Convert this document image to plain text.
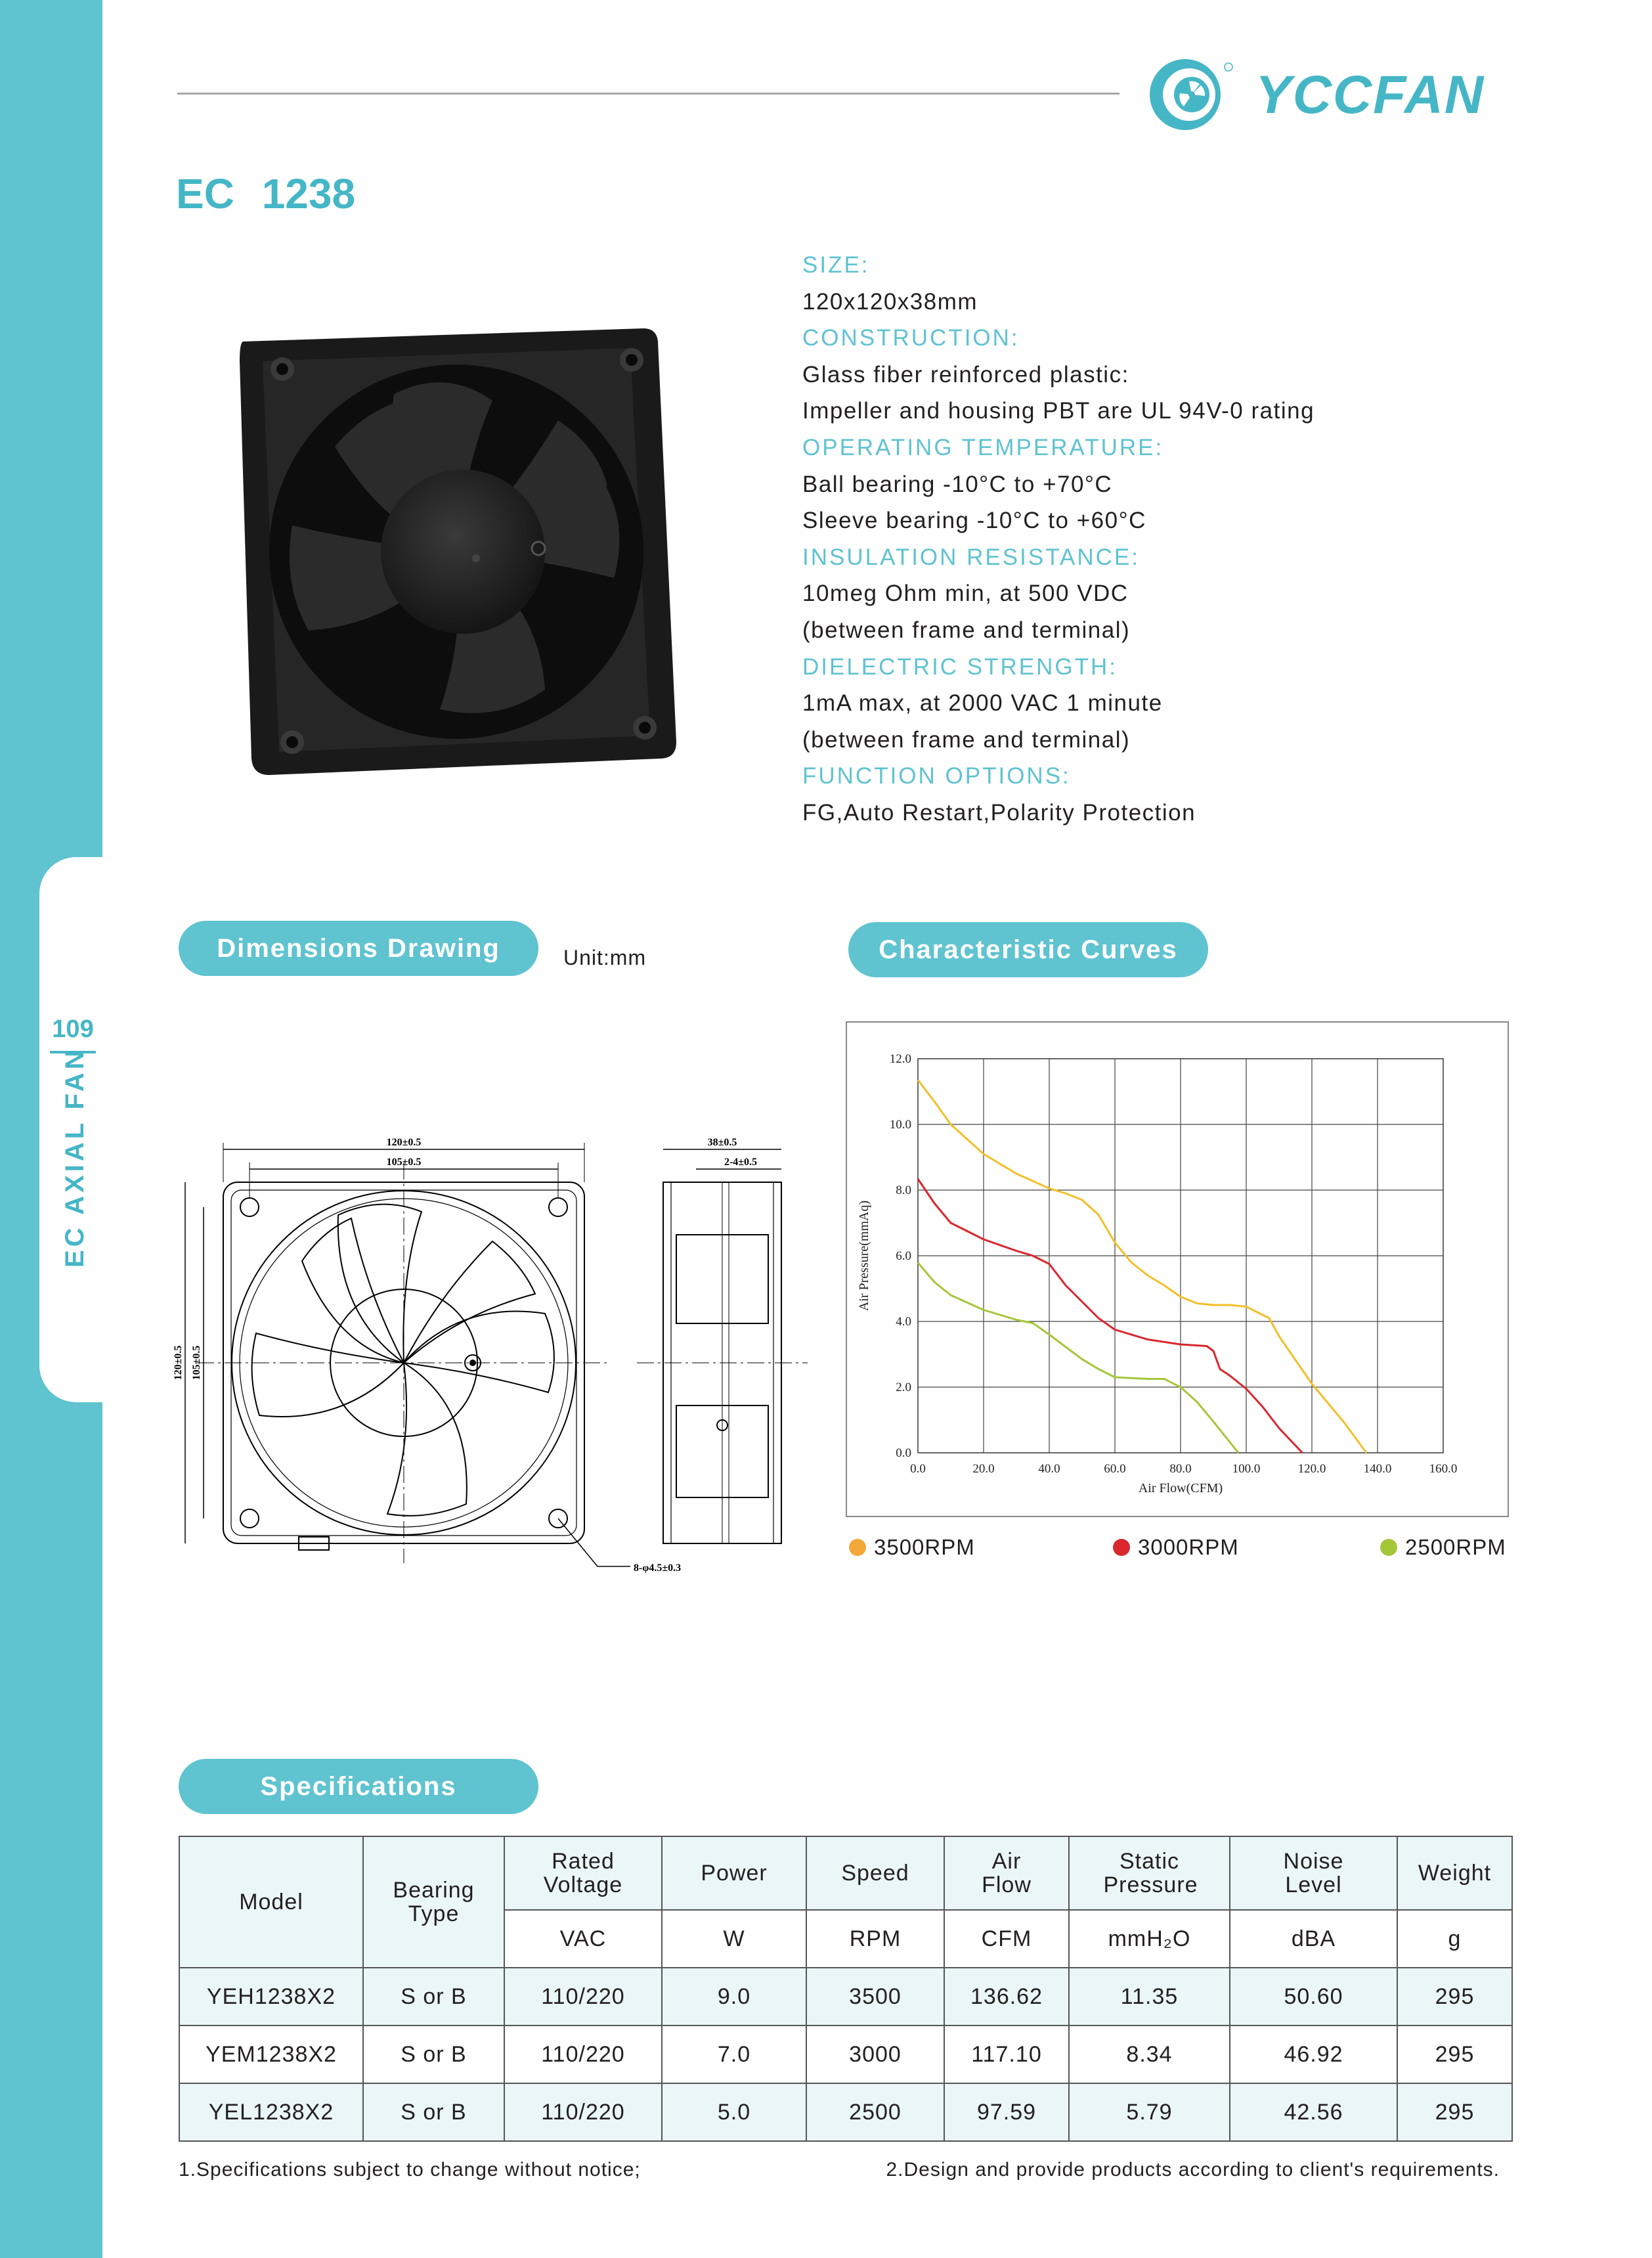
109
EC AXIAL FAN
YCCFAN
EC 1238
SIZE:
120x120x38mm
CONSTRUCTION:
Glass fiber reinforced plastic:
Impeller and housing PBT are UL 94V-0 rating
OPERATING TEMPERATURE:
Ball bearing -10°C to +70°C
Sleeve bearing -10°C to +60°C
INSULATION RESISTANCE:
10meg Ohm min, at 500 VDC
(between frame and terminal)
DIELECTRIC STRENGTH:
1mA max, at 2000 VAC 1 minute
(between frame and terminal)
FUNCTION OPTIONS:
FG,Auto Restart,Polarity Protection
Dimensions Drawing	Unit:mm	Characteristic Curves
Specifications
120±0.5
105±0.5
120±0.5 105±0.5
38±0.5
2-4±0.5
8-φ4.5±0.3
0.0	20.0	40.0	60.0	80.0	100.0	120.0	140.0	160.0
0.0
2.0
4.0
6.0
8.0
10.0
12.0
Air Flow(CFM)
Air Pressure(mmAq)
3500RPM	3000RPM	2500RPM
Model	Bearing Type	Rated Voltage	Power	Speed	Air Flow	Static Pressure	Noise Level	Weight
		VAC	W	RPM	CFM	mmH₂O	dBA	g
YEH1238X2	S or B	110/220	9.0	3500	136.62	11.35	50.60	295
YEM1238X2	S or B	110/220	7.0	3000	117.10	8.34	46.92	295
YEL1238X2	S or B	110/220	5.0	2500	97.59	5.79	42.56	295
1.Specifications subject to change without notice;	2.Design and provide products according to client's requirements.
